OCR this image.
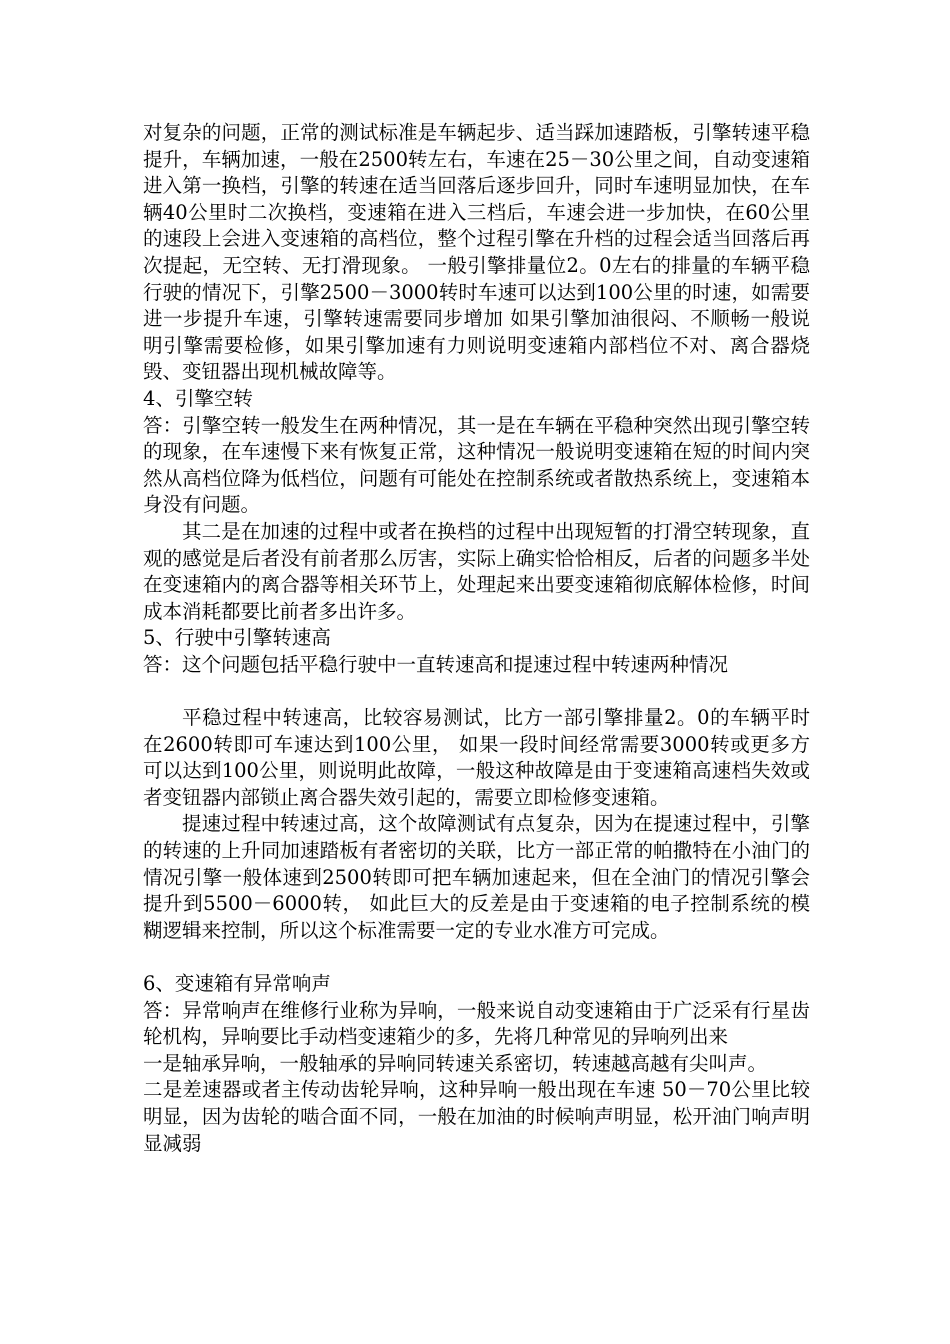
对复杂的问题，正常的测试标准是车辆起步、适当踩加速踏板，引擎转速平稳提升，车辆加速，一般在2500转左右，车速在25－30公里之间，自动变速箱进入第一换档，引擎的转速在适当回落后逐步回升，同时车速明显加快，在车辆40公里时二次换档，变速箱在进入三档后，车速会进一步加快，在60公里的速段上会进入变速箱的高档位，整个过程引擎在升档的过程会适当回落后再次提起，无空转、无打滑现象。 一般引擎排量位2。0左右的排量的车辆平稳行驶的情况下，引擎2500－3000转时车速可以达到100公里的时速，如需要进一步提升车速，引擎转速需要同步增加 如果引擎加油很闷、不顺畅一般说明引擎需要检修，如果引擎加速有力则说明变速箱内部档位不对、离合器烧毁、变钮器出现机械故障等。

4、引擎空转

答：引擎空转一般发生在两种情况，其一是在车辆在平稳种突然出现引擎空转的现象，在车速慢下来有恢复正常，这种情况一般说明变速箱在短的时间内突然从高档位降为低档位，问题有可能处在控制系统或者散热系统上，变速箱本身没有问题。

其二是在加速的过程中或者在换档的过程中出现短暂的打滑空转现象，直观的感觉是后者没有前者那么厉害，实际上确实恰恰相反，后者的问题多半处在变速箱内的离合器等相关环节上，处理起来出要变速箱彻底解体检修，时间成本消耗都要比前者多出许多。

5、行驶中引擎转速高

答：这个问题包括平稳行驶中一直转速高和提速过程中转速两种情况

平稳过程中转速高，比较容易测试，比方一部引擎排量2。0的车辆平时在2600转即可车速达到100公里， 如果一段时间经常需要3000转或更多方可以达到100公里，则说明此故障，一般这种故障是由于变速箱高速档失效或者变钮器内部锁止离合器失效引起的，需要立即检修变速箱。

提速过程中转速过高，这个故障测试有点复杂，因为在提速过程中，引擎的转速的上升同加速踏板有者密切的关联，比方一部正常的帕撒特在小油门的情况引擎一般体速到2500转即可把车辆加速起来，但在全油门的情况引擎会提升到5500－6000转， 如此巨大的反差是由于变速箱的电子控制系统的模糊逻辑来控制，所以这个标准需要一定的专业水准方可完成。

6、变速箱有异常响声

答：异常响声在维修行业称为异响，一般来说自动变速箱由于广泛采有行星齿轮机构，异响要比手动档变速箱少的多，先将几种常见的异响列出来

一是轴承异响，一般轴承的异响同转速关系密切，转速越高越有尖叫声。

二是差速器或者主传动齿轮异响，这种异响一般出现在车速 50－70公里比较明显，因为齿轮的啮合面不同，一般在加油的时候响声明显，松开油门响声明显减弱
